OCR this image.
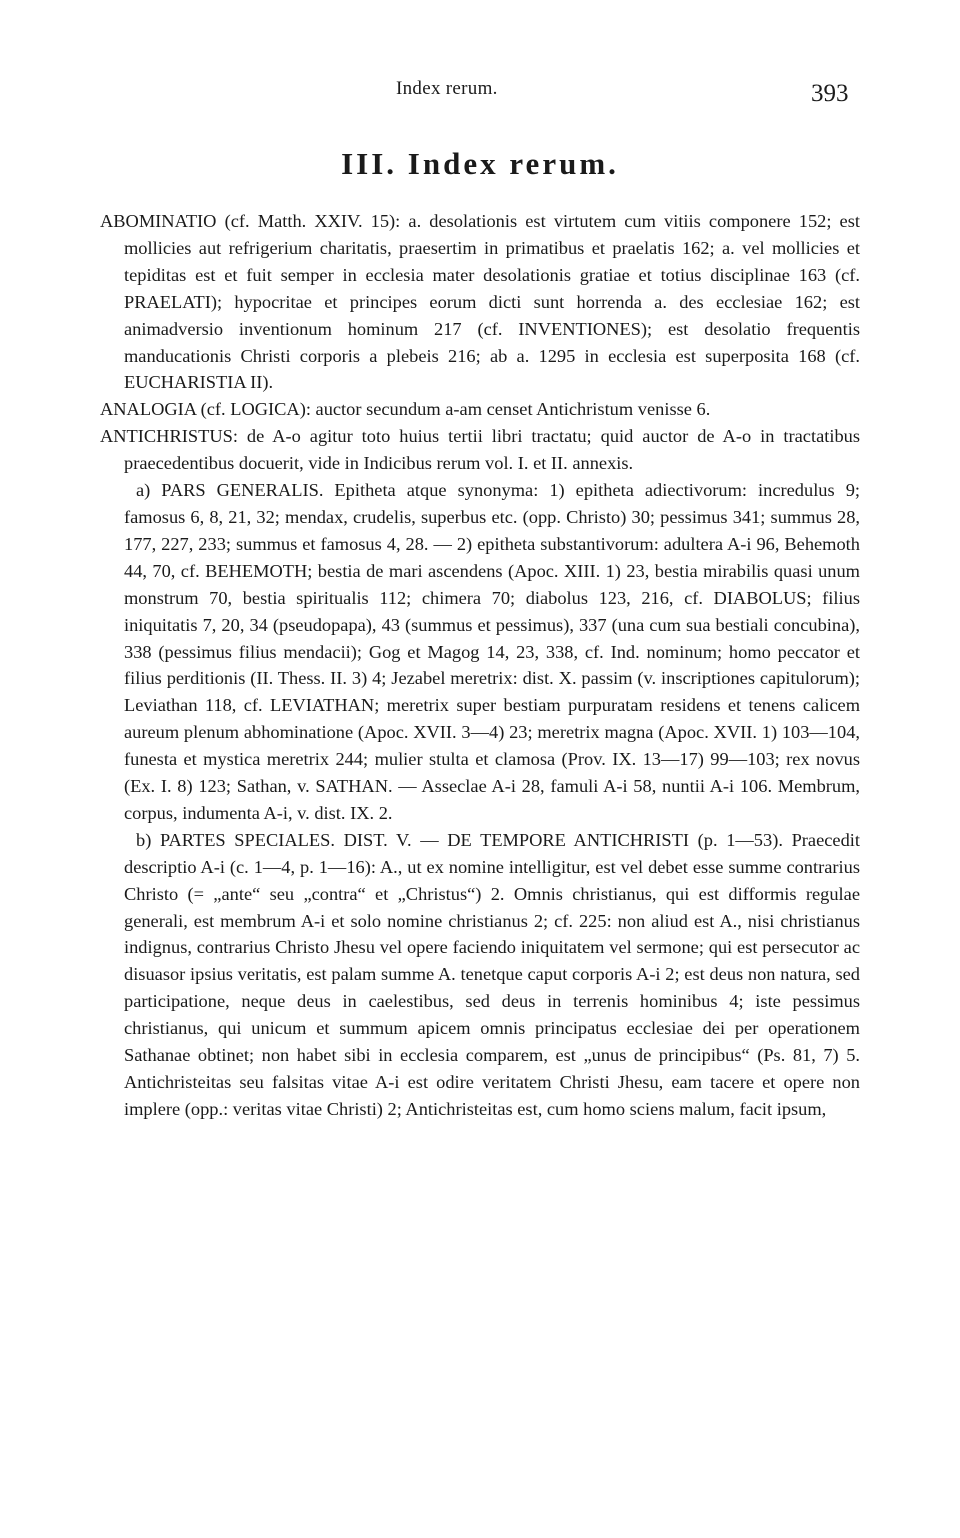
Index rerum.	393
III. Index rerum.

ABOMINATIO (cf. Matth. XXIV. 15): a. desolationis est virtutem cum vitiis componere 152; est mollicies aut refrigerium charitatis, praesertim in primatibus et praelatis 162; a. vel mollicies et tepiditas est et fuit semper in ecclesia mater desolationis gratiae et totius disciplinae 163 (cf. PRAELATI); hypocritae et principes eorum dicti sunt horrenda a. des ecclesiae 162; est animadversio inventionum hominum 217 (cf. INVENTIONES); est desolatio frequentis manducationis Christi corporis a plebeis 216; ab a. 1295 in ecclesia est superposita 168 (cf. EUCHARISTIA II).

ANALOGIA (cf. LOGICA): auctor secundum a-am censet Antichristum venisse 6.

ANTICHRISTUS: de A-o agitur toto huius tertii libri tractatu; quid auctor de A-o in tractatibus praecedentibus docuerit, vide in Indicibus rerum vol. I. et II. annexis.

a) PARS GENERALIS. Epitheta atque synonyma: 1) epitheta adiectivorum: incredulus 9; famosus 6, 8, 21, 32; mendax, crudelis, superbus etc. (opp. Christo) 30; pessimus 341; summus 28, 177, 227, 233; summus et famosus 4, 28. — 2) epitheta substantivorum: adultera A-i 96, Behemoth 44, 70, cf. BEHEMOTH; bestia de mari ascendens (Apoc. XIII. 1) 23, bestia mirabilis quasi unum monstrum 70, bestia spiritualis 112; chimera 70; diabolus 123, 216, cf. DIABOLUS; filius iniquitatis 7, 20, 34 (pseudopapa), 43 (summus et pessimus), 337 (una cum sua bestiali concubina), 338 (pessimus filius mendacii); Gog et Magog 14, 23, 338, cf. Ind. nominum; homo peccator et filius perditionis (II. Thess. II. 3) 4; Jezabel meretrix: dist. X. passim (v. inscriptiones capitulorum); Leviathan 118, cf. LEVIATHAN; meretrix super bestiam purpuratam residens et tenens calicem aureum plenum abhominatione (Apoc. XVII. 3—4) 23; meretrix magna (Apoc. XVII. 1) 103—104, funesta et mystica meretrix 244; mulier stulta et clamosa (Prov. IX. 13—17) 99—103; rex novus (Ex. I. 8) 123; Sathan, v. SATHAN. — Asseclae A-i 28, famuli A-i 58, nuntii A-i 106. Membrum, corpus, indumenta A-i, v. dist. IX. 2.

b) PARTES SPECIALES. DIST. V. — DE TEMPORE ANTICHRISTI (p. 1—53). Praecedit descriptio A-i (c. 1—4, p. 1—16): A., ut ex nomine intelligitur, est vel debet esse summe contrarius Christo (= „ante“ seu „contra“ et „Christus“) 2. Omnis christianus, qui est difformis regulae generali, est membrum A-i et solo nomine christianus 2; cf. 225: non aliud est A., nisi christianus indignus, contrarius Christo Jhesu vel opere faciendo iniquitatem vel sermone; qui est persecutor ac disuasor ipsius veritatis, est palam summe A. tenetque caput corporis A-i 2; est deus non natura, sed participatione, neque deus in caelestibus, sed deus in terrenis hominibus 4; iste pessimus christianus, qui unicum et summum apicem omnis principatus ecclesiae dei per operationem Sathanae obtinet; non habet sibi in ecclesia comparem, est „unus de principibus“ (Ps. 81, 7) 5. Antichristeitas seu falsitas vitae A-i est odire veritatem Christi Jhesu, eam tacere et opere non implere (opp.: veritas vitae Christi) 2; Antichristeitas est, cum homo sciens malum, facit ipsum,
